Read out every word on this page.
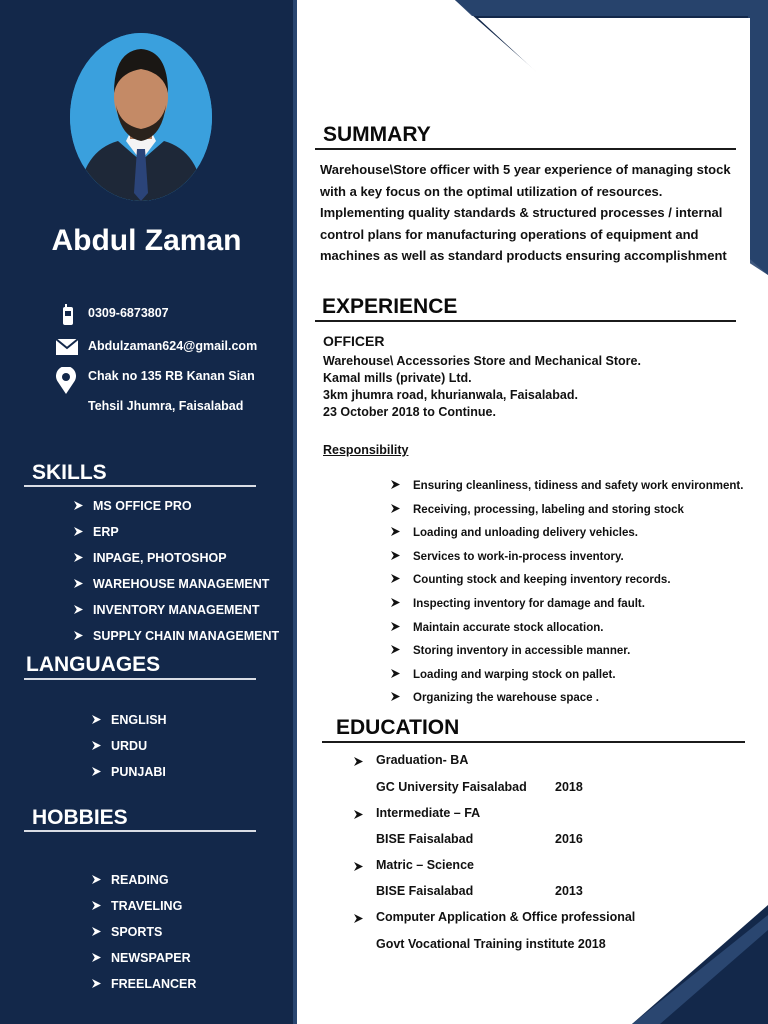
Abdul Zaman
0309-6873807
Abdulzaman624@gmail.com
Chak no 135 RB Kanan Sian
Tehsil Jhumra, Faisalabad
SKILLS
MS OFFICE PRO
ERP
INPAGE, PHOTOSHOP
WAREHOUSE MANAGEMENT
INVENTORY MANAGEMENT
SUPPLY CHAIN MANAGEMENT
LANGUAGES
ENGLISH
URDU
PUNJABI
HOBBIES
READING
TRAVELING
SPORTS
NEWSPAPER
FREELANCER
SUMMARY
Warehouse\Store officer with 5 year experience of managing stock with a key focus on the optimal utilization of resources. Implementing quality standards & structured processes / internal control plans for manufacturing operations of equipment and machines as well as standard products ensuring accomplishment
EXPERIENCE
OFFICER
Warehouse\ Accessories Store and Mechanical Store.
Kamal mills (private) Ltd.
3km jhumra road, khurianwala, Faisalabad.
23 October 2018 to Continue.
Responsibility
Ensuring cleanliness, tidiness and safety work environment.
Receiving, processing, labeling and storing stock
Loading and unloading delivery vehicles.
Services to work-in-process inventory.
Counting stock and keeping inventory records.
Inspecting inventory for damage and fault.
Maintain accurate stock allocation.
Storing inventory in accessible manner.
Loading and warping stock on pallet.
Organizing the warehouse space .
EDUCATION
Graduation- BA
GC University Faisalabad 2018
Intermediate – FA
BISE Faisalabad	2016
Matric – Science
BISE Faisalabad	2013
Computer Application & Office professional
Govt Vocational Training institute 2018
